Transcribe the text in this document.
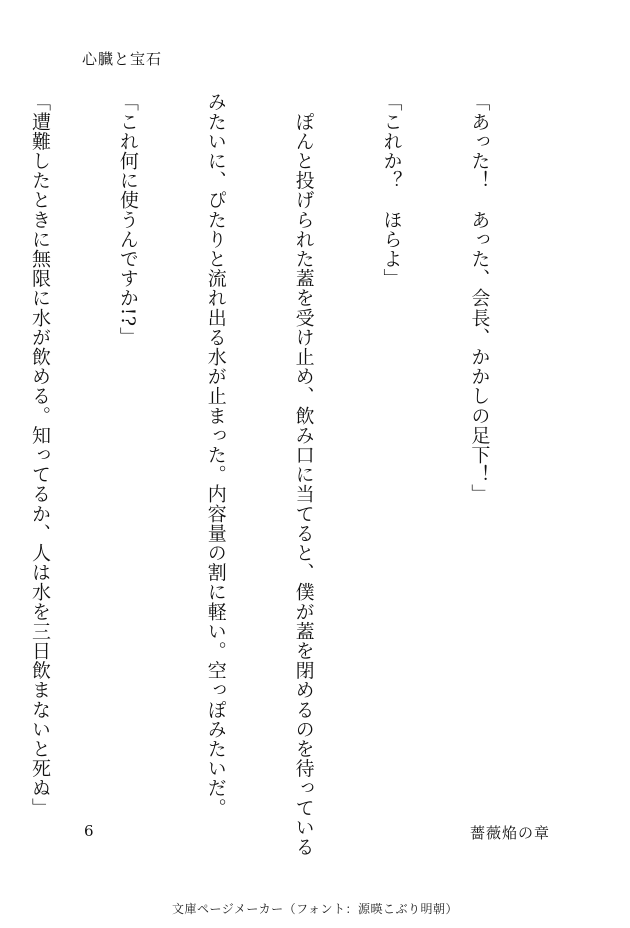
心臓と宝石

「あった！　あった、会長、かかしの足下！」

「これか？　ほらよ」

　ぽんと投げられた蓋を受け止め、飲み口に当てると、僕が蓋を閉めるのを待っている

みたいに、ぴたりと流れ出る水が止まった。内容量の割に軽い。空っぽみたいだ。

「これ何に使うんですか!?」

「遭難したときに無限に水が飲める。知ってるか、人は水を三日飲まないと死ぬ」

6	薔薇焔の章
文庫ページメーカー（フォント：源暎こぶり明朝）
